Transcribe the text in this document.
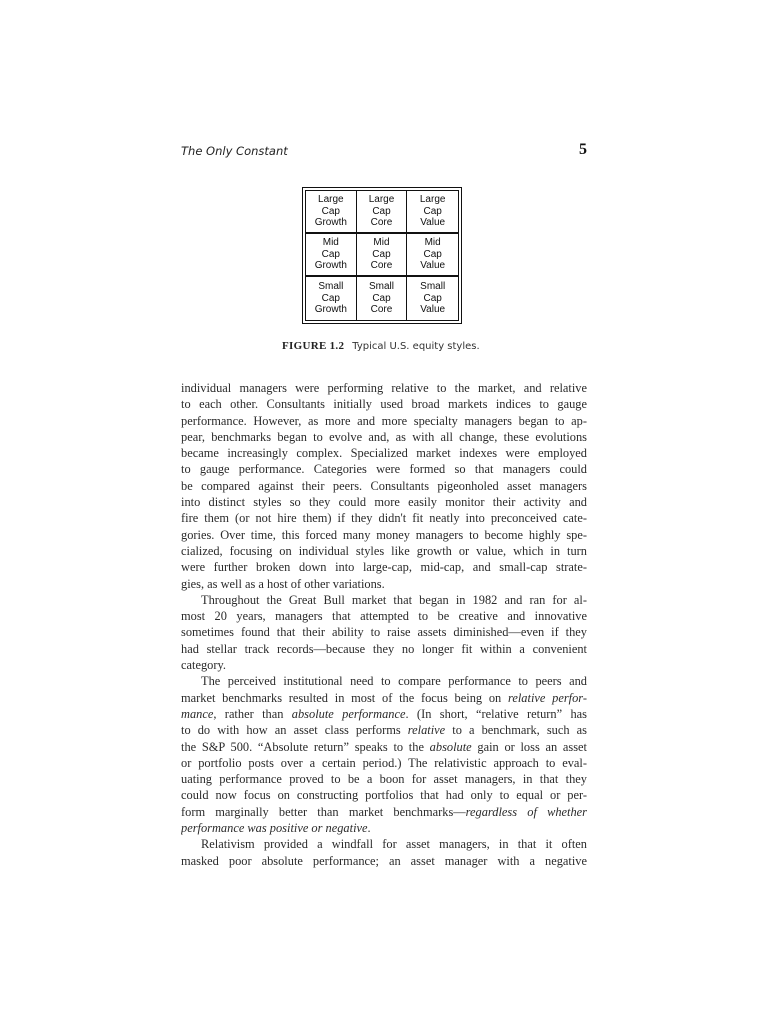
The Only Constant	5
Large
Cap
Growth
Large
Cap
Core
Large
Cap
Value
Mid
Cap
Growth
Mid
Cap
Core
Mid
Cap
Value
Small
Cap
Growth
Small
Cap
Core
Small
Cap
Value
FIGURE 1.2 Typical U.S. equity styles.
individual managers were performing relative to the market, and relative
to each other. Consultants initially used broad markets indices to gauge
performance. However, as more and more specialty managers began to ap-
pear, benchmarks began to evolve and, as with all change, these evolutions
became increasingly complex. Specialized market indexes were employed
to gauge performance. Categories were formed so that managers could
be compared against their peers. Consultants pigeonholed asset managers
into distinct styles so they could more easily monitor their activity and
fire them (or not hire them) if they didn't fit neatly into preconceived cate-
gories. Over time, this forced many money managers to become highly spe-
cialized, focusing on individual styles like growth or value, which in turn
were further broken down into large-cap, mid-cap, and small-cap strate-
gies, as well as a host of other variations.
Throughout the Great Bull market that began in 1982 and ran for al-
most 20 years, managers that attempted to be creative and innovative
sometimes found that their ability to raise assets diminished—even if they
had stellar track records—because they no longer fit within a convenient
category.
The perceived institutional need to compare performance to peers and
market benchmarks resulted in most of the focus being on relative perfor-
mance, rather than absolute performance. (In short, “relative return” has
to do with how an asset class performs relative to a benchmark, such as
the S&P 500. “Absolute return” speaks to the absolute gain or loss an asset
or portfolio posts over a certain period.) The relativistic approach to eval-
uating performance proved to be a boon for asset managers, in that they
could now focus on constructing portfolios that had only to equal or per-
form marginally better than market benchmarks—regardless of whether
performance was positive or negative.
Relativism provided a windfall for asset managers, in that it often
masked poor absolute performance; an asset manager with a negative
